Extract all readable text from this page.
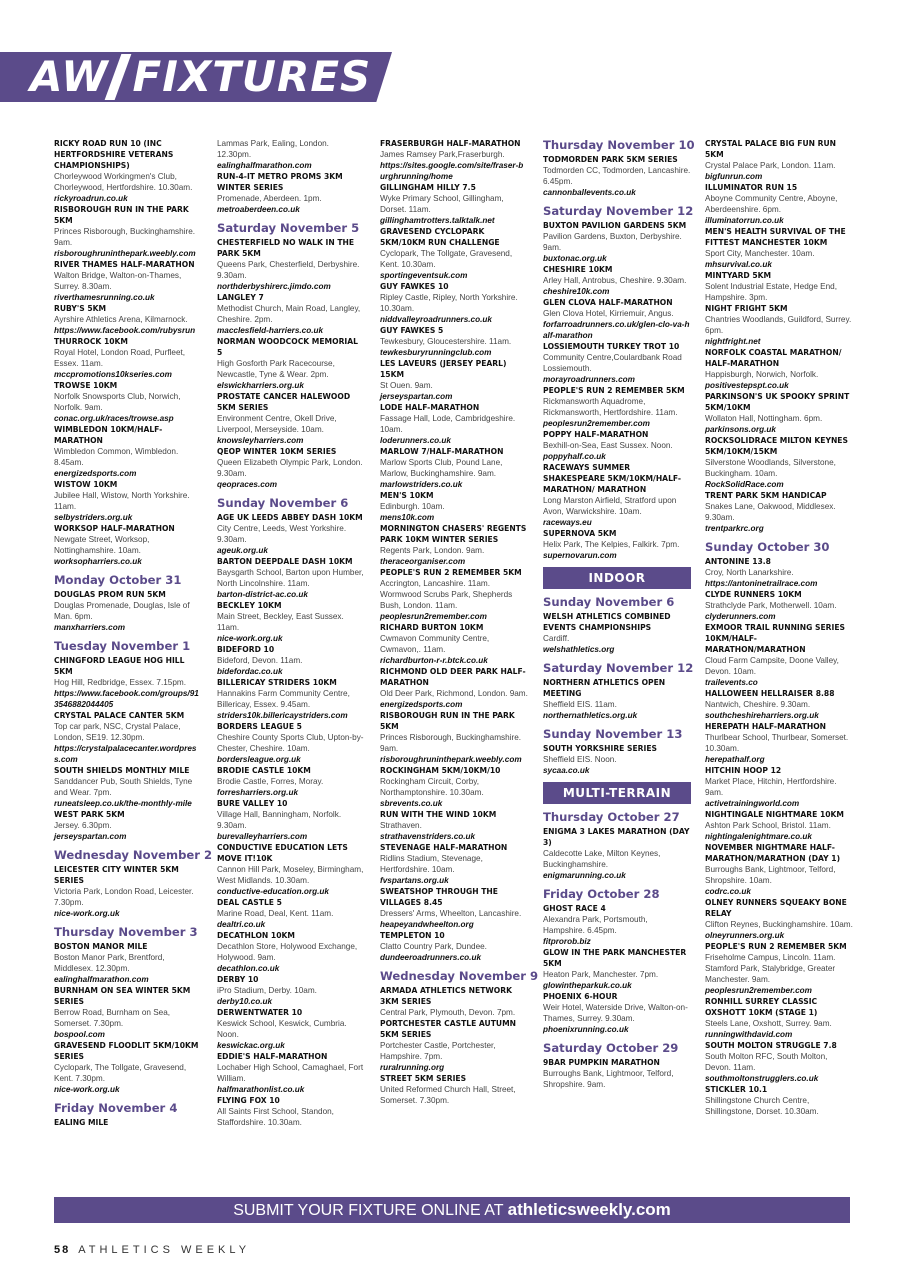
AW FIXTURES
RICKY ROAD RUN 10 (INC HERTFORDSHIRE VETERANS CHAMPIONSHIPS)
Chorleywood Workingmen's Club, Chorleywood, Hertfordshire. 10.30am.
rickyroadrun.co.uk
RISBOROUGH RUN IN THE PARK 5KM
Princes Risborough, Buckinghamshire. 9am.
risboroughruninthepark.weebly.com
RIVER THAMES HALF-MARATHON
Walton Bridge, Walton-on-Thames, Surrey. 8.30am.
riverthamesrunning.co.uk
RUBY'S 5KM
Ayrshire Athletics Arena, Kilmarnock.
https://www.facebook.com/rubysrun
THURROCK 10KM
Royal Hotel, London Road, Purfleet, Essex. 11am.
mccpromotions10kseries.com
TROWSE 10KM
Norfolk Snowsports Club, Norwich, Norfolk. 9am.
conac.org.uk/races/trowse.asp
WIMBLEDON 10KM/HALF-MARATHON
Wimbledon Common, Wimbledon. 8.45am.
energizedsports.com
WISTOW 10KM
Jubilee Hall, Wistow, North Yorkshire. 11am.
selbystriders.org.uk
WORKSOP HALF-MARATHON
Newgate Street, Worksop, Nottinghamshire. 10am.
worksopharriers.co.uk
Monday October 31
DOUGLAS PROM RUN 5KM
Douglas Promenade, Douglas, Isle of Man. 6pm.
manxharriers.com
Tuesday November 1
CHINGFORD LEAGUE HOG HILL 5KM
Hog Hill, Redbridge, Essex. 7.15pm.
https://www.facebook.com/groups/913546882044405
CRYSTAL PALACE CANTER 5KM
Top car park, NSC, Crystal Palace, London, SE19. 12.30pm.
https://crystalpalacecanter.wordpress.com
SOUTH SHIELDS MONTHLY MILE
Sanddancer Pub, South Shields, Tyne and Wear. 7pm.
runeatsleep.co.uk/the-monthly-mile
WEST PARK 5KM
Jersey. 6.30pm.
jerseyspartan.com
Wednesday November 2
LEICESTER CITY WINTER 5KM SERIES
Victoria Park, London Road, Leicester. 7.30pm.
nice-work.org.uk
Thursday November 3
BOSTON MANOR MILE
Boston Manor Park, Brentford, Middlesex. 12.30pm.
ealinghalfmarathon.com
BURNHAM ON SEA WINTER 5KM SERIES
Berrow Road, Burnham on Sea, Somerset. 7.30pm.
bospool.com
GRAVESEND FLOODLIT 5KM/10KM SERIES
Cyclopark, The Tollgate, Gravesend, Kent. 7.30pm.
nice-work.org.uk
Friday November 4
EALING MILE
Lammas Park, Ealing, London. 12.30pm.
ealinghalfmarathon.com
RUN-4-IT METRO PROMS 3KM WINTER SERIES
Promenade, Aberdeen. 1pm.
metroaberdeen.co.uk
Saturday November 5
CHESTERFIELD NO WALK IN THE PARK 5KM
Queens Park, Chesterfield, Derbyshire. 9.30am.
northderbyshirerc.jimdo.com
LANGLEY 7
Methodist Church, Main Road, Langley, Cheshire. 2pm.
macclesfield-harriers.co.uk
NORMAN WOODCOCK MEMORIAL 5
High Gosforth Park Racecourse, Newcastle, Tyne & Wear. 2pm.
elswickharriers.org.uk
PROSTATE CANCER HALEWOOD 5KM SERIES
Environment Centre, Okell Drive, Liverpool, Merseyside. 10am.
knowsleyharriers.com
QEOP WINTER 10KM SERIES
Queen Elizabeth Olympic Park, London. 9.30am.
qeopraces.com
Sunday November 6
AGE UK LEEDS ABBEY DASH 10KM
City Centre, Leeds, West Yorkshire. 9.30am.
ageuk.org.uk
BARTON DEEPDALE DASH 10KM
Baysgarth School, Barton upon Humber, North Lincolnshire. 11am.
barton-district-ac.co.uk
BECKLEY 10KM
Main Street, Beckley, East Sussex. 11am.
nice-work.org.uk
BIDEFORD 10
Bideford, Devon. 11am.
bidefordac.co.uk
BILLERICAY STRIDERS 10KM
Hannakins Farm Community Centre, Billericay, Essex. 9.45am.
striders10k.billericaystriders.com
BORDERS LEAGUE 5
Cheshire County Sports Club, Upton-by-Chester, Cheshire. 10am.
bordersleague.org.uk
BRODIE CASTLE 10KM
Brodie Castle, Forres, Moray.
forresharriers.org.uk
BURE VALLEY 10
Village Hall, Banningham, Norfolk. 9.30am.
burevalleyharriers.com
CONDUCTIVE EDUCATION LETS MOVE IT!10K
Cannon Hill Park, Moseley, Birmingham, West Midlands. 10.30am.
conductive-education.org.uk
DEAL CASTLE 5
Marine Road, Deal, Kent. 11am.
dealtri.co.uk
DECATHLON 10KM
Decathlon Store, Holywood Exchange, Holywood. 9am.
decathlon.co.uk
DERBY 10
iPro Stadium, Derby. 10am.
derby10.co.uk
DERWENTWATER 10
Keswick School, Keswick, Cumbria. Noon.
keswickac.org.uk
EDDIE'S HALF-MARATHON
Lochaber High School, Camaghael, Fort William.
halfmarathonlist.co.uk
FLYING FOX 10
All Saints First School, Standon, Staffordshire. 10.30am.
FRASERBURGH HALF-MARATHON
James Ramsey Park,Fraserburgh.
https://sites.google.com/site/fraser-burghrunning/home
GILLINGHAM HILLY 7.5
Wyke Primary School, Gillingham, Dorset. 11am.
gillinghamtrotters.talktalk.net
GRAVESEND CYCLOPARK 5KM/10KM RUN CHALLENGE
Cyclopark, The Tollgate, Gravesend, Kent. 10.30am.
sportingeventsuk.com
GUY FAWKES 10
Ripley Castle, Ripley, North Yorkshire. 10.30am.
niddvalleyroadrunners.co.uk
GUY FAWKES 5
Tewkesbury, Gloucestershire. 11am.
tewkesburyrunningclub.com
LES LAVEURS (JERSEY PEARL) 15KM
St Ouen. 9am.
jerseyspartan.com
LODE HALF-MARATHON
Fassage Hall, Lode, Cambridgeshire. 10am.
loderunners.co.uk
MARLOW 7/HALF-MARATHON
Marlow Sports Club, Pound Lane, Marlow, Buckinghamshire. 9am.
marlowstriders.co.uk
MEN'S 10KM
Edinburgh. 10am.
mens10k.com
MORNINGTON CHASERS' REGENTS PARK 10KM WINTER SERIES
Regents Park, London. 9am.
theraceorganiser.com
PEOPLE'S RUN 2 REMEMBER 5KM
Accrington, Lancashire. 11am. Wormwood Scrubs Park, Shepherds Bush, London. 11am.
peoplesrun2remember.com
RICHARD BURTON 10KM
Cwmavon Community Centre, Cwmavon,. 11am.
richardburton-r-r.btck.co.uk
RICHMOND OLD DEER PARK HALF-MARATHON
Old Deer Park, Richmond, London. 9am.
energizedsports.com
RISBOROUGH RUN IN THE PARK 5KM
Princes Risborough, Buckinghamshire. 9am.
risboroughruninthepark.weebly.com
ROCKINGHAM 5KM/10KM/10
Rockingham Circuit, Corby, Northamptonshire. 10.30am.
sbrevents.co.uk
RUN WITH THE WIND 10KM
Strathaven.
strathavenstriders.co.uk
STEVENAGE HALF-MARATHON
Ridlins Stadium, Stevenage, Hertfordshire. 10am.
fvspartans.org.uk
SWEATSHOP THROUGH THE VILLAGES 8.45
Dressers' Arms, Wheelton, Lancashire.
heapeyandwheelton.org
TEMPLETON 10
Clatto Country Park, Dundee.
dundeeroadrunners.co.uk
Wednesday November 9
ARMADA ATHLETICS NETWORK 3KM SERIES
Central Park, Plymouth, Devon. 7pm.
PORTCHESTER CASTLE AUTUMN 5KM SERIES
Portchester Castle, Portchester, Hampshire. 7pm.
ruralrunning.org
STREET 5KM SERIES
United Reformed Church Hall, Street, Somerset. 7.30pm.
Thursday November 10
TODMORDEN PARK 5KM SERIES
Todmorden CC, Todmorden, Lancashire. 6.45pm.
cannonballevents.co.uk
Saturday November 12
BUXTON PAVILION GARDENS 5KM
Pavilion Gardens, Buxton, Derbyshire. 9am.
buxtonac.org.uk
CHESHIRE 10KM
Arley Hall, Antrobus, Cheshire. 9.30am.
cheshire10k.com
GLEN CLOVA HALF-MARATHON
Glen Clova Hotel, Kirriemuir, Angus.
forfarroadrunners.co.uk/glen-clo-va-half-marathon
LOSSIEMOUTH TURKEY TROT 10
Community Centre,Coulardbank Road Lossiemouth.
morayroadrunners.com
PEOPLE'S RUN 2 REMEMBER 5KM
Rickmansworth Aquadrome, Rickmansworth, Hertfordshire. 11am.
peoplesrun2remember.com
POPPY HALF-MARATHON
Bexhill-on-Sea, East Sussex. Noon.
poppyhalf.co.uk
RACEWAYS SUMMER SHAKESPEARE 5KM/10KM/HALF-MARATHON/ MARATHON
Long Marston Airfield, Stratford upon Avon, Warwickshire. 10am.
raceways.eu
SUPERNOVA 5KM
Helix Park, The Kelpies, Falkirk. 7pm.
supernovarun.com
INDOOR
Sunday November 6
WELSH ATHLETICS COMBINED EVENTS CHAMPIONSHIPS
Cardiff.
welshathletics.org
Saturday November 12
NORTHERN ATHLETICS OPEN MEETING
Sheffield EIS. 11am.
northernathletics.org.uk
Sunday November 13
SOUTH YORKSHIRE SERIES
Sheffield EIS. Noon.
sycaa.co.uk
MULTI-TERRAIN
Thursday October 27
ENIGMA 3 LAKES MARATHON (DAY 3)
Caldecotte Lake, Milton Keynes, Buckinghamshire.
enigmarunning.co.uk
Friday October 28
GHOST RACE 4
Alexandra Park, Portsmouth, Hampshire. 6.45pm.
fitprorob.biz
GLOW IN THE PARK MANCHESTER 5KM
Heaton Park, Manchester. 7pm.
glowintheparkuk.co.uk
PHOENIX 6-HOUR
Weir Hotel, Waterside Drive, Walton-on-Thames, Surrey. 9.30am.
phoenixrunning.co.uk
Saturday October 29
9BAR PUMPKIN MARATHON
Burroughs Bank, Lightmoor, Telford, Shropshire. 9am.
CRYSTAL PALACE BIG FUN RUN 5KM
Crystal Palace Park, London. 11am.
bigfunrun.com
ILLUMINATOR RUN 15
Aboyne Community Centre, Aboyne, Aberdeenshire. 6pm.
illuminatorrun.co.uk
MEN'S HEALTH SURVIVAL OF THE FITTEST MANCHESTER 10KM
Sport City, Manchester. 10am.
mhsurvival.co.uk
MINTYARD 5KM
Solent Industrial Estate, Hedge End, Hampshire. 3pm.
NIGHT FRIGHT 5KM
Chantries Woodlands, Guildford, Surrey. 6pm.
nightfright.net
NORFOLK COASTAL MARATHON/ HALF-MARATHON
Happisburgh, Norwich, Norfolk.
positivestepspt.co.uk
PARKINSON'S UK SPOOKY SPRINT 5KM/10KM
Wollaton Hall, Nottingham. 6pm.
parkinsons.org.uk
ROCKSOLIDRACE MILTON KEYNES 5KM/10KM/15KM
Silverstone Woodlands, Silverstone, Buckingham. 10am.
RockSolidRace.com
TRENT PARK 5KM HANDICAP
Snakes Lane, Oakwood, Middlesex. 9.30am.
trentparkrc.org
Sunday October 30
ANTONINE 13.8
Croy, North Lanarkshire.
https://antoninetrailrace.com
CLYDE RUNNERS 10KM
Strathclyde Park, Motherwell. 10am.
clyderunners.com
EXMOOR TRAIL RUNNING SERIES 10KM/HALF-MARATHON/MARATHON
Cloud Farm Campsite, Doone Valley, Devon. 10am.
trailevents.co
HALLOWEEN HELLRAISER 8.88
Nantwich, Cheshire. 9.30am.
southcheshireharriers.org.uk
HEREPATH HALF-MARATHON
Thurlbear School, Thurlbear, Somerset. 10.30am.
herepathalf.org
HITCHIN HOOP 12
Market Place, Hitchin, Hertfordshire. 9am.
activetrainingworld.com
NIGHTINGALE NIGHTMARE 10KM
Ashton Park School, Bristol. 11am.
nightingalenightmare.co.uk
NOVEMBER NIGHTMARE HALF-MARATHON/MARATHON (DAY 1)
Burroughs Bank, Lightmoor, Telford, Shropshire. 10am.
codrc.co.uk
OLNEY RUNNERS SQUEAKY BONE RELAY
Clifton Reynes, Buckinghamshire. 10am.
olneyrunners.org.uk
PEOPLE'S RUN 2 REMEMBER 5KM
Friseholme Campus, Lincoln. 11am. Stamford Park, Stalybridge, Greater Manchester. 9am.
peoplesrun2remember.com
RONHILL SURREY CLASSIC OXSHOTT 10KM (STAGE 1)
Steels Lane, Oxshott, Surrey. 9am.
runningwithdavid.com
SOUTH MOLTON STRUGGLE 7.8
South Molton RFC, South Molton, Devon. 11am.
southmoltonstrugglers.co.uk
STICKLER 10.1
Shillingstone Church Centre, Shillingstone, Dorset. 10.30am.
SUBMIT YOUR FIXTURE ONLINE AT athleticsweekly.com
58 ATHLETICS WEEKLY
